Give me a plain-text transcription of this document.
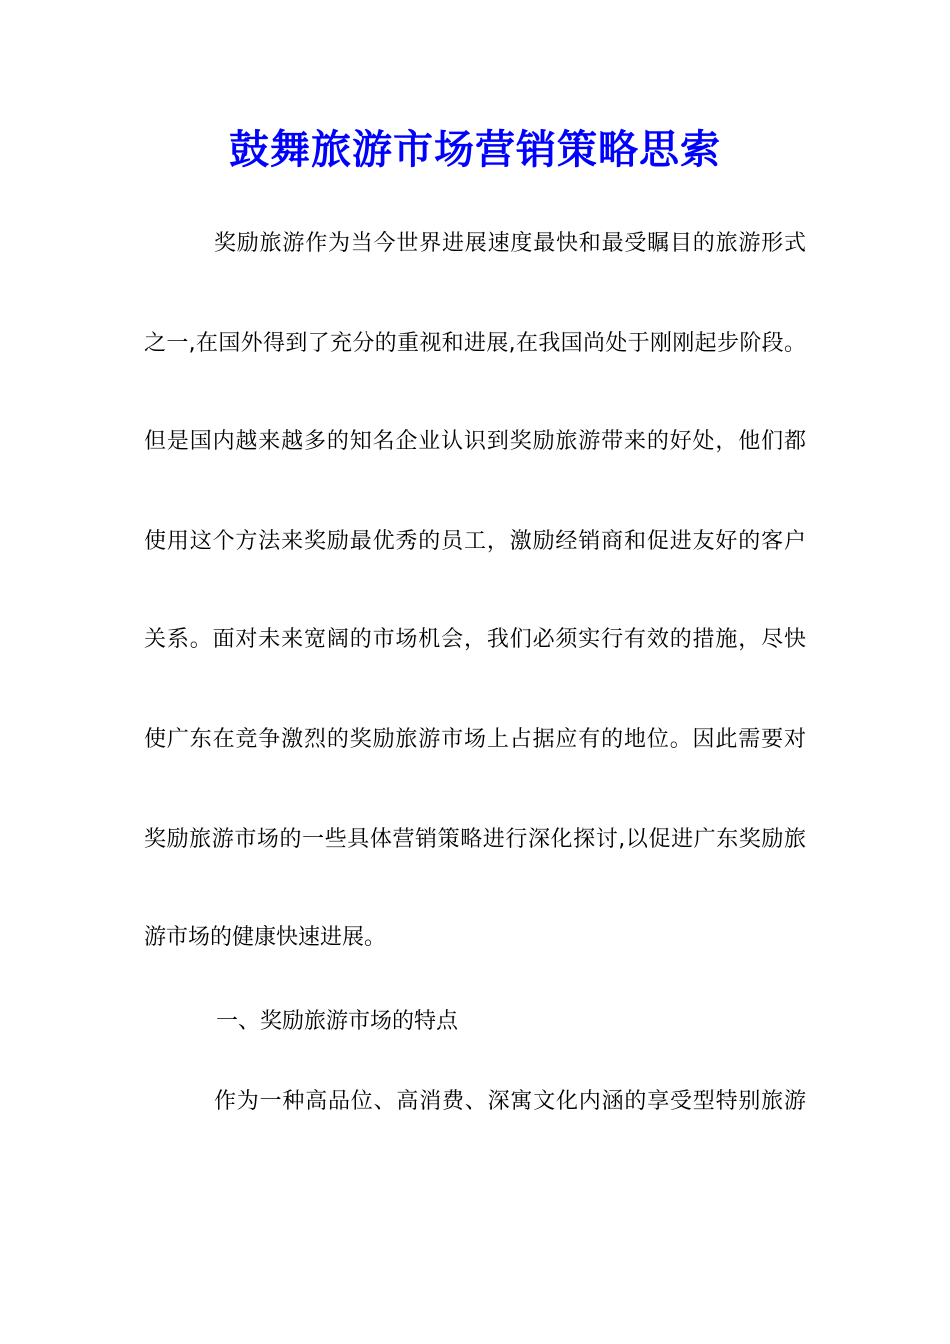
鼓舞旅游市场营销策略思索
奖励旅游作为当今世界进展速度最快和最受瞩目的旅游形式
之一,在国外得到了充分的重视和进展,在我国尚处于刚刚起步阶段。
但是国内越来越多的知名企业认识到奖励旅游带来的好处，他们都
使用这个方法来奖励最优秀的员工，激励经销商和促进友好的客户
关系。面对未来宽阔的市场机会，我们必须实行有效的措施，尽快
使广东在竞争激烈的奖励旅游市场上占据应有的地位。因此需要对
奖励旅游市场的一些具体营销策略进行深化探讨,以促进广东奖励旅
游市场的健康快速进展。
一、奖励旅游市场的特点
作为一种高品位、高消费、深寓文化内涵的享受型特别旅游
